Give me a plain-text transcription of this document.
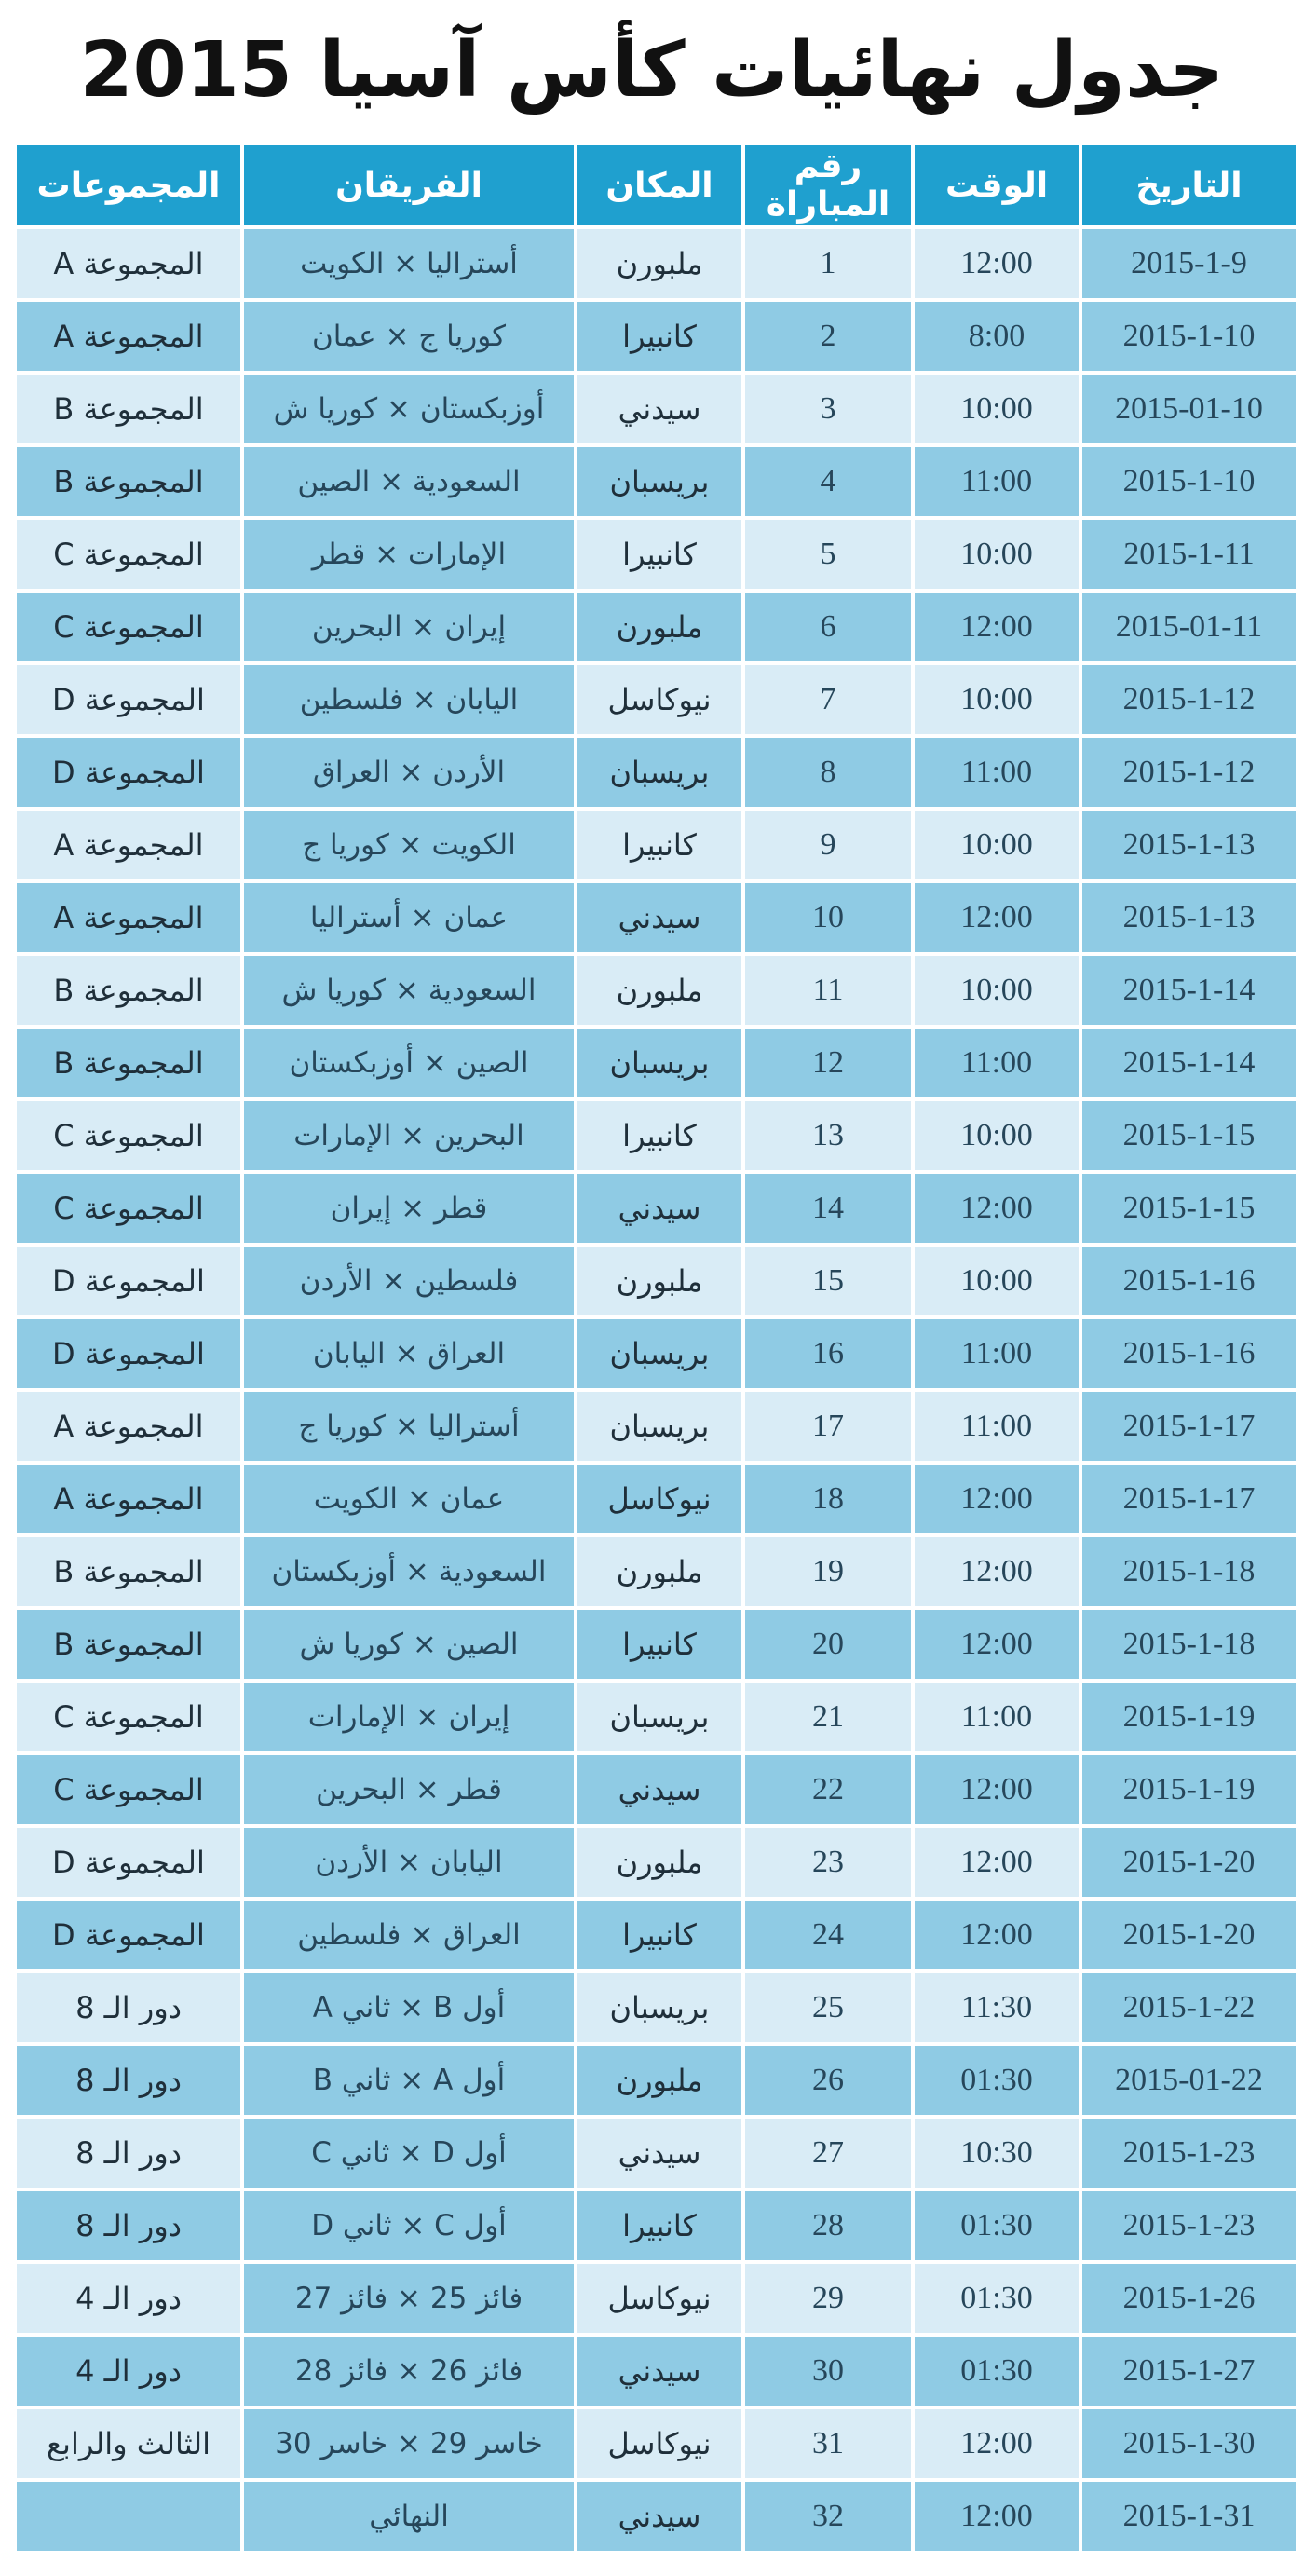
جدول نهائيات كأس آسيا 2015
التاريخ	الوقت	رقم المباراة	المكان	الفريقان	المجموعات
2015-1-9	12:00	1	ملبورن	أستراليا × الكويت	المجموعة A
2015-1-10	8:00	2	كانبيرا	كوريا ج × عمان	المجموعة A
2015-01-10	10:00	3	سيدني	أوزبكستان × كوريا ش	المجموعة B
2015-1-10	11:00	4	بريسبان	السعودية × الصين	المجموعة B
2015-1-11	10:00	5	كانبيرا	الإمارات × قطر	المجموعة C
2015-01-11	12:00	6	ملبورن	إيران × البحرين	المجموعة C
2015-1-12	10:00	7	نيوكاسل	اليابان × فلسطين	المجموعة D
2015-1-12	11:00	8	بريسبان	الأردن × العراق	المجموعة D
2015-1-13	10:00	9	كانبيرا	الكويت × كوريا ج	المجموعة A
2015-1-13	12:00	10	سيدني	عمان × أستراليا	المجموعة A
2015-1-14	10:00	11	ملبورن	السعودية × كوريا ش	المجموعة B
2015-1-14	11:00	12	بريسبان	الصين × أوزبكستان	المجموعة B
2015-1-15	10:00	13	كانبيرا	البحرين × الإمارات	المجموعة C
2015-1-15	12:00	14	سيدني	قطر × إيران	المجموعة C
2015-1-16	10:00	15	ملبورن	فلسطين × الأردن	المجموعة D
2015-1-16	11:00	16	بريسبان	العراق × اليابان	المجموعة D
2015-1-17	11:00	17	بريسبان	أستراليا × كوريا ج	المجموعة A
2015-1-17	12:00	18	نيوكاسل	عمان × الكويت	المجموعة A
2015-1-18	12:00	19	ملبورن	السعودية × أوزبكستان	المجموعة B
2015-1-18	12:00	20	كانبيرا	الصين × كوريا ش	المجموعة B
2015-1-19	11:00	21	بريسبان	إيران × الإمارات	المجموعة C
2015-1-19	12:00	22	سيدني	قطر × البحرين	المجموعة C
2015-1-20	12:00	23	ملبورن	اليابان × الأردن	المجموعة D
2015-1-20	12:00	24	كانبيرا	العراق × فلسطين	المجموعة D
2015-1-22	11:30	25	بريسبان	أول B × ثاني A	دور الـ 8
2015-01-22	01:30	26	ملبورن	أول A × ثاني B	دور الـ 8
2015-1-23	10:30	27	سيدني	أول D × ثاني C	دور الـ 8
2015-1-23	01:30	28	كانبيرا	أول C × ثاني D	دور الـ 8
2015-1-26	01:30	29	نيوكاسل	فائز 25 × فائز 27	دور الـ 4
2015-1-27	01:30	30	سيدني	فائز 26 × فائز 28	دور الـ 4
2015-1-30	12:00	31	نيوكاسل	خاسر 29 × خاسر 30	الثالث والرابع
2015-1-31	12:00	32	سيدني	النهائي	
